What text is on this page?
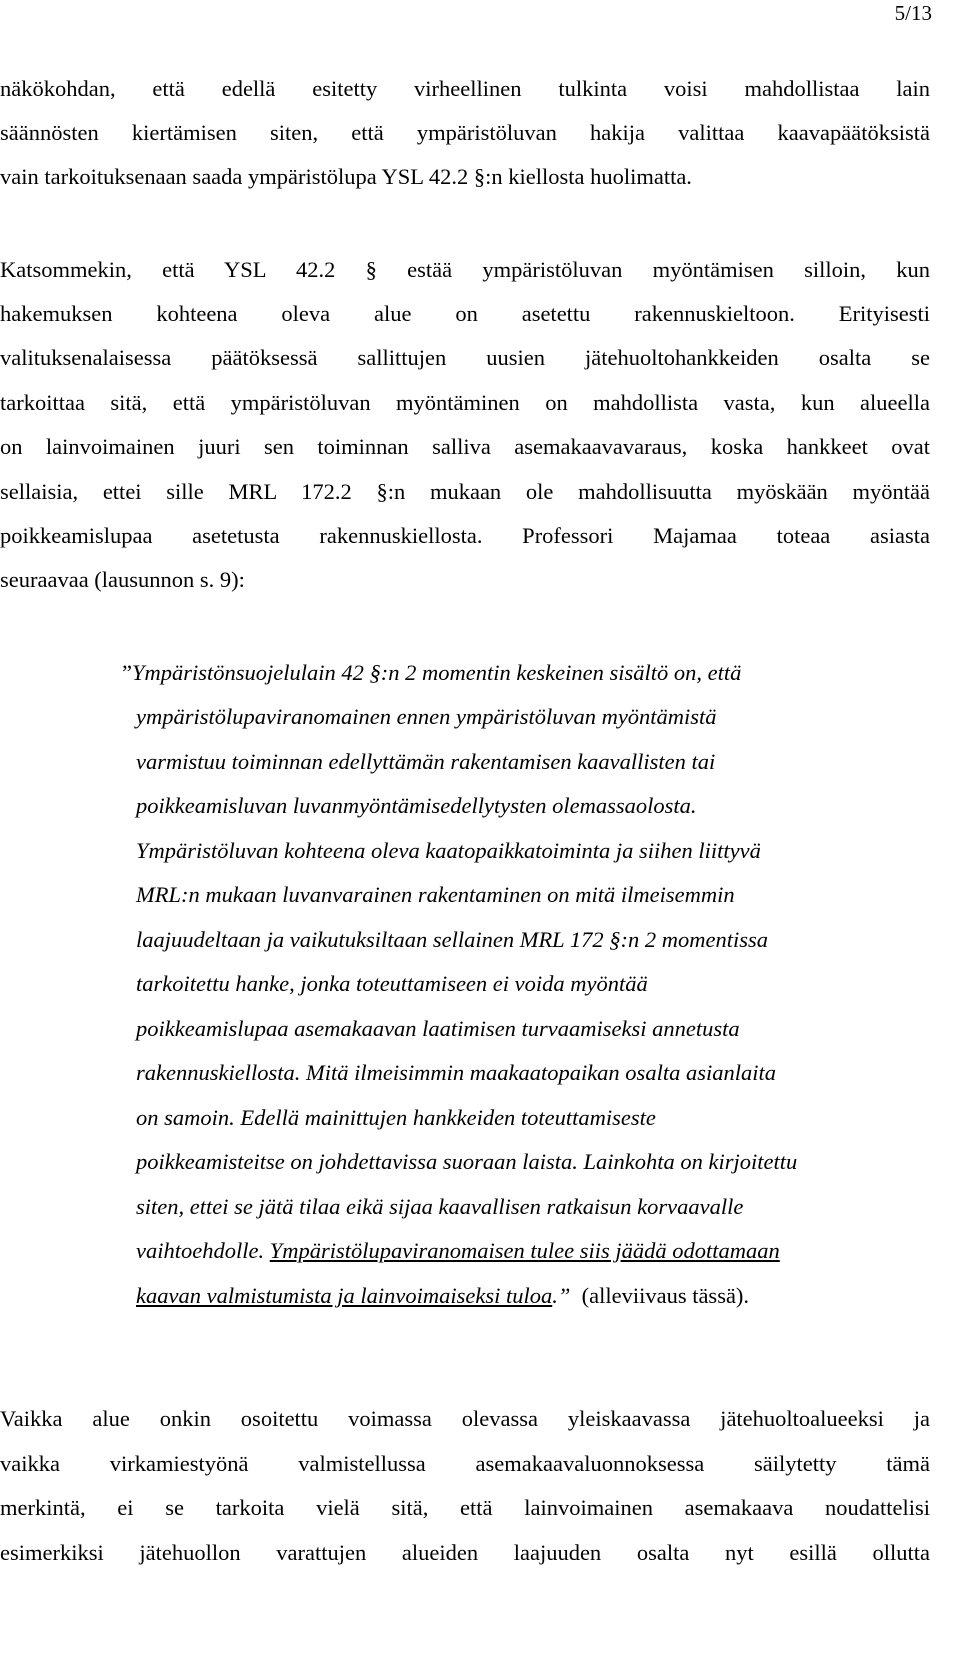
5/13
näkökohdan, että edellä esitetty virheellinen tulkinta voisi mahdollistaa lain
säännösten kiertämisen siten, että ympäristöluvan hakija valittaa kaavapäätöksistä
vain tarkoituksenaan saada ympäristölupa YSL 42.2 §:n kiellosta huolimatta.
Katsommekin, että YSL 42.2 § estää ympäristöluvan myöntämisen silloin, kun
hakemuksen kohteena oleva alue on asetettu rakennuskieltoon. Erityisesti
valituksenalaisessa päätöksessä sallittujen uusien jätehuoltohankkeiden osalta se
tarkoittaa sitä, että ympäristöluvan myöntäminen on mahdollista vasta, kun alueella
on lainvoimainen juuri sen toiminnan salliva asemakaavavaraus, koska hankkeet ovat
sellaisia, ettei sille MRL 172.2 §:n mukaan ole mahdollisuutta myöskään myöntää
poikkeamislupaa asetetusta rakennuskiellosta. Professori Majamaa toteaa asiasta
seuraavaa (lausunnon s. 9):
”Ympäristönsuojelulain 42 §:n 2 momentin keskeinen sisältö on, että
ympäristölupaviranomainen ennen ympäristöluvan myöntämistä
varmistuu toiminnan edellyttämän rakentamisen kaavallisten tai
poikkeamisluvan luvanmyöntämisedellytysten olemassaolosta.
Ympäristöluvan kohteena oleva kaatopaikkatoiminta ja siihen liittyvä
MRL:n mukaan luvanvarainen rakentaminen on mitä ilmeisemmin
laajuudeltaan ja vaikutuksiltaan sellainen MRL 172 §:n 2 momentissa
tarkoitettu hanke, jonka toteuttamiseen ei voida myöntää
poikkeamislupaa asemakaavan laatimisen turvaamiseksi annetusta
rakennuskiellosta. Mitä ilmeisimmin maakaatopaikan osalta asianlaita
on samoin. Edellä mainittujen hankkeiden toteuttamiseste
poikkeamisteitse on johdettavissa suoraan laista. Lainkohta on kirjoitettu
siten, ettei se jätä tilaa eikä sijaa kaavallisen ratkaisun korvaavalle
vaihtoehdolle. Ympäristölupaviranomaisen tulee siis jäädä odottamaan
kaavan valmistumista ja lainvoimaiseksi tuloa.” (alleviivaus tässä).
Vaikka alue onkin osoitettu voimassa olevassa yleiskaavassa jätehuoltoalueeksi ja
vaikka virkamiestyönä valmistellussa asemakaavaluonnoksessa säilytetty tämä
merkintä, ei se tarkoita vielä sitä, että lainvoimainen asemakaava noudattelisi
esimerkiksi jätehuollon varattujen alueiden laajuuden osalta nyt esillä ollutta
